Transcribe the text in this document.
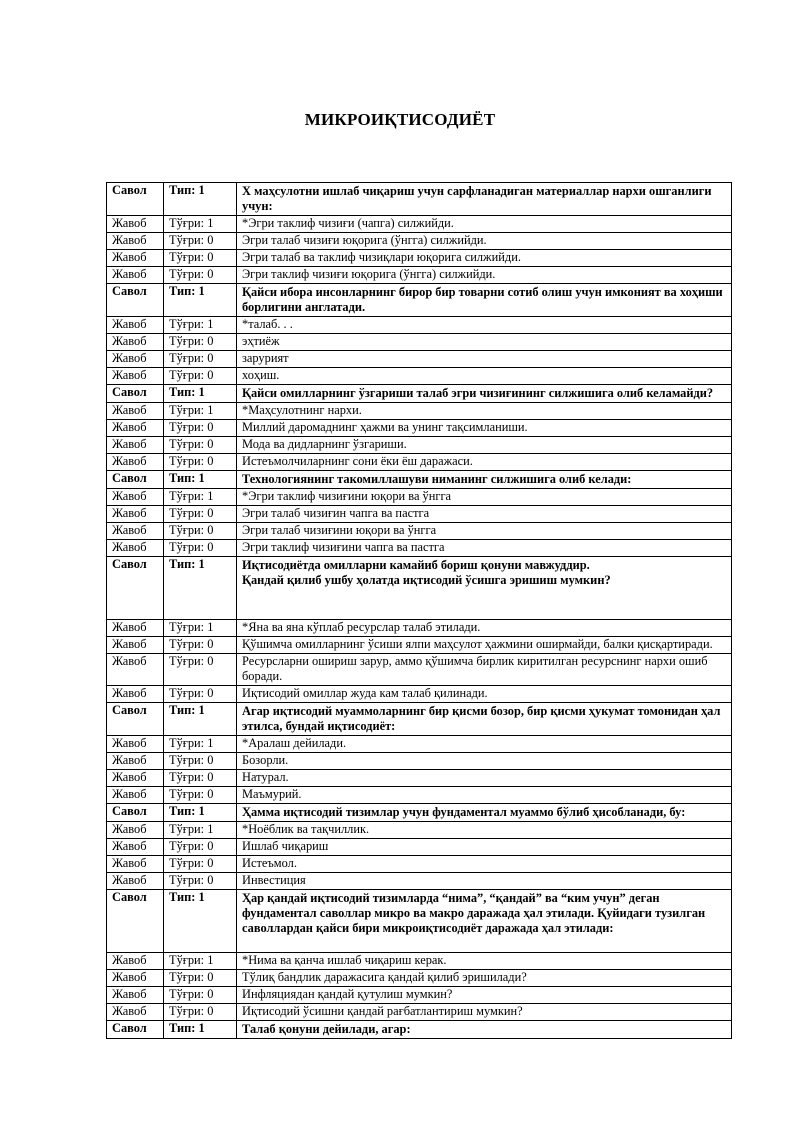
МИКРОИҚТИСОДИЁТ
Савол	Тип: 1	X маҳсулотни ишлаб чиқариш учун сарфланадиган материаллар нархи ошганлиги учун:
Жавоб	Тўғри: 1	*Эгри таклиф чизиғи (чапга) силжийди.
Жавоб	Тўғри: 0	Эгри талаб чизиғи юқорига (ўнгга) силжийди.
Жавоб	Тўғри: 0	Эгри талаб ва таклиф чизиқлари юқорига силжийди.
Жавоб	Тўғри: 0	Эгри таклиф чизиғи юқорига (ўнгга) силжийди.
Савол	Тип: 1	Қайси ибора инсонларнинг бирор бир товарни сотиб олиш учун имконият ва хоҳиши борлигини англатади.
Жавоб	Тўғри: 1	*талаб. . .
Жавоб	Тўғри: 0	эҳтиёж
Жавоб	Тўғри: 0	зарурият
Жавоб	Тўғри: 0	хоҳиш.
Савол	Тип: 1	Қайси омилларнинг ўзгариши талаб эгри чизиғининг силжишига олиб келамайди?
Жавоб	Тўғри: 1	*Маҳсулотнинг нархи.
Жавоб	Тўғри: 0	Миллий даромаднинг ҳажми ва унинг тақсимланиши.
Жавоб	Тўғри: 0	Мода ва дидларнинг ўзгариши.
Жавоб	Тўғри: 0	Истеъмолчиларнинг сони ёки ёш даражаси.
Савол	Тип: 1	Технологиянинг такомиллашуви ниманинг силжишига олиб келади:
Жавоб	Тўғри: 1	*Эгри таклиф чизиғини юқори ва ўнгга
Жавоб	Тўғри: 0	Эгри талаб чизиғин чапга ва пастга
Жавоб	Тўғри: 0	Эгри талаб чизиғини юқори ва ўнгга
Жавоб	Тўғри: 0	Эгри таклиф чизиғини чапга ва пастга
Савол	Тип: 1	Иқтисодиётда омилларни камайиб бориш қонуни мавжуддир.
Қандай қилиб ушбу ҳолатда иқтисодий ўсишга эришиш мумкин?
Жавоб	Тўғри: 1	*Яна ва яна кўплаб ресурслар талаб этилади.
Жавоб	Тўғри: 0	Қўшимча омилларнинг ўсиши ялпи маҳсулот ҳажмини оширмайди, балки қисқартиради.
Жавоб	Тўғри: 0	Ресурсларни ошириш зарур, аммо қўшимча бирлик киритилган ресурснинг нархи ошиб боради.
Жавоб	Тўғри: 0	Иқтисодий омиллар жуда кам талаб қилинади.
Савол	Тип: 1	Агар иқтисодий муаммоларнинг бир қисми бозор, бир қисми ҳукумат томонидан ҳал этилса, бундай иқтисодиёт:
Жавоб	Тўғри: 1	*Аралаш дейилади.
Жавоб	Тўғри: 0	Бозорли.
Жавоб	Тўғри: 0	Натурал.
Жавоб	Тўғри: 0	Маъмурий.
Савол	Тип: 1	Ҳамма иқтисодий тизимлар учун фундаментал муаммо бўлиб ҳисобланади, бу:
Жавоб	Тўғри: 1	*Ноёблик ва тақчиллик.
Жавоб	Тўғри: 0	Ишлаб чиқариш
Жавоб	Тўғри: 0	Истеъмол.
Жавоб	Тўғри: 0	Инвестиция
Савол	Тип: 1	Ҳар қандай иқтисодий тизимларда “нима”, “қандай” ва “ким учун” деган фундаментал саволлар микро ва макро даражада ҳал этилади. Қуйидаги тузилган саволлардан қайси бири микроиқтисодиёт даражада ҳал этилади:
Жавоб	Тўғри: 1	*Нима ва қанча ишлаб чиқариш керак.
Жавоб	Тўғри: 0	Тўлиқ бандлик даражасига қандай қилиб эришилади?
Жавоб	Тўғри: 0	Инфляциядан қандай қутулиш мумкин?
Жавоб	Тўғри: 0	Иқтисодий ўсишни қандай рағбатлантириш мумкин?
Савол	Тип: 1	Талаб қонуни дейилади, агар:
